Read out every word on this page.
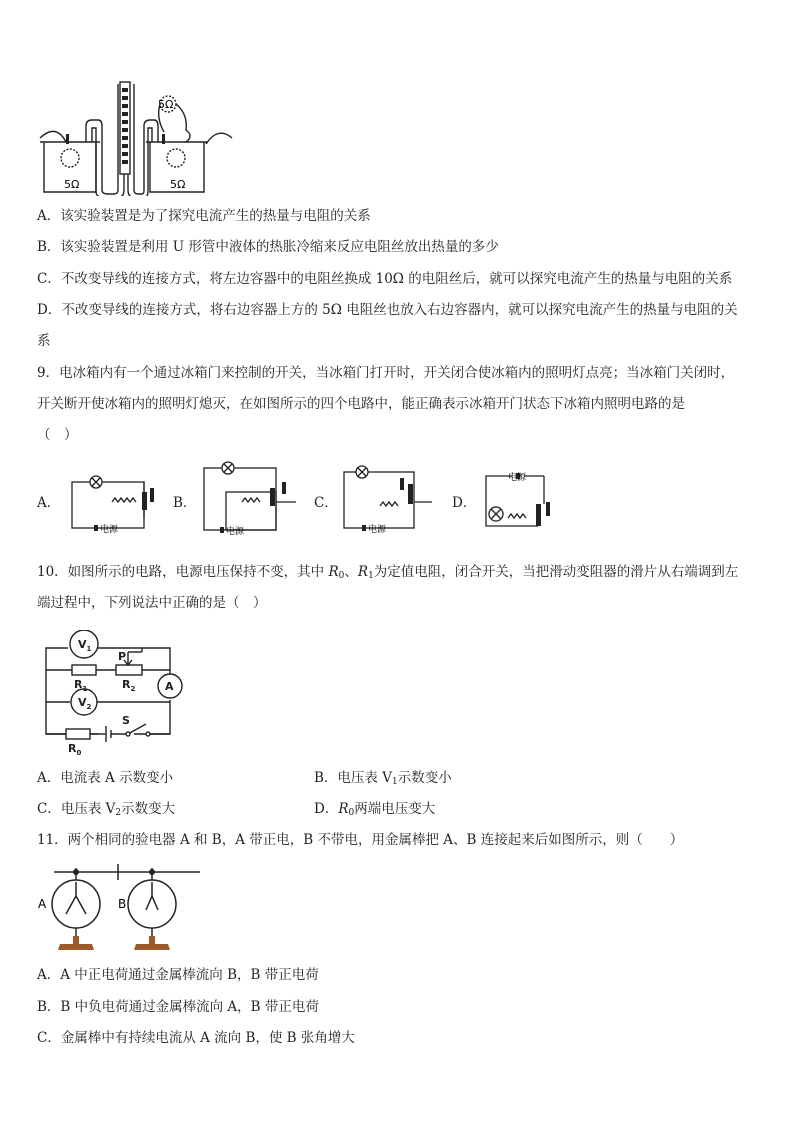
5Ω	5Ω
5Ω
A．该实验装置是为了探究电流产生的热量与电阻的关系
B．该实验装置是利用 U 形管中液体的热胀冷缩来反应电阻丝放出热量的多少
C．不改变导线的连接方式，将左边容器中的电阻丝换成 10Ω 的电阻丝后，就可以探究电流产生的热量与电阻的关系
D．不改变导线的连接方式，将右边容器上方的 5Ω 电阻丝也放入右边容器内，就可以探究电流产生的热量与电阻的关
系
9．电冰箱内有一个通过冰箱门来控制的开关，当冰箱门打开时，开关闭合使冰箱内的照明灯点亮；当冰箱门关闭时，
开关断开使冰箱内的照明灯熄灭，在如图所示的四个电路中，能正确表示冰箱开门状态下冰箱内照明电路的是
（　）
A．
电源
B．
电源
C．
电源
D．
电源
10．如图所示的电路，电源电压保持不变，其中 $R_0$、$R_1$为定值电阻，闭合开关，当把滑动变阻器的滑片从右端调到左
端过程中，下列说法中正确的是（　）
$V_1$
$V_2$
A
P
$R_1$	$R_2$
$R_0$
S
A．电流表 A 示数变小	B．电压表 $V_1$示数变小
C．电压表 $V_2$示数变大	D．$R_0$两端电压变大
11．两个相同的验电器 A 和 B，A 带正电，B 不带电，用金属棒把 A、B 连接起来后如图所示，则（　　）
A	B
A．A 中正电荷通过金属棒流向 B，B 带正电荷
B．B 中负电荷通过金属棒流向 A，B 带正电荷
C．金属棒中有持续电流从 A 流向 B，使 B 张角增大
